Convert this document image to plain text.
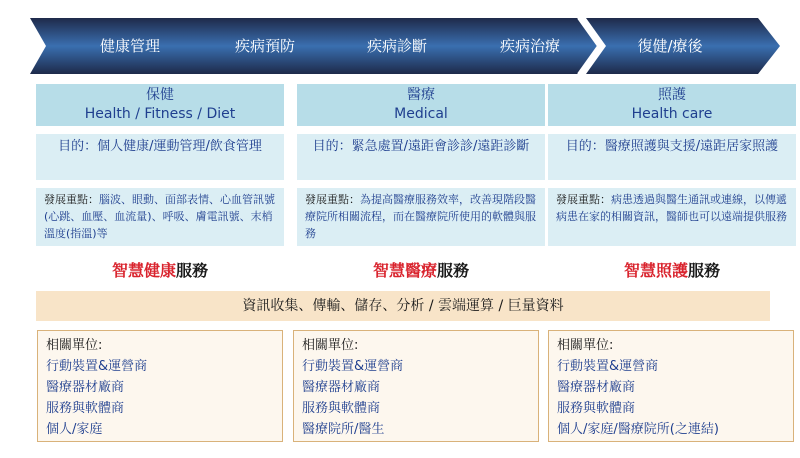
健康管理	疾病預防	疾病診斷	疾病治療	復健/療後
保健
Health / Fitness / Diet
目的：個人健康/運動管理/飲食管理
發展重點：腦波、眼動、面部表情、心血管訊號(心跳、血壓、血流量)、呼吸、膚電訊號、末梢溫度(指溫)等
智慧健康服務
醫療
Medical
目的：緊急處置/遠距會診診/遠距診斷
發展重點：為提高醫療服務效率，改善現階段醫療院所相關流程，而在醫療院所使用的軟體與服務
智慧醫療服務
照護
Health care
目的：醫療照護與支援/遠距居家照護
發展重點：病患透過與醫生通訊或連線，以傳遞病患在家的相關資訊，醫師也可以遠端提供服務
智慧照護服務
資訊收集、傳輸、儲存、分析 / 雲端運算 / 巨量資料
相關單位:
行動裝置&運營商
醫療器材廠商
服務與軟體商
個人/家庭
相關單位:
行動裝置&運營商
醫療器材廠商
服務與軟體商
醫療院所/醫生
相關單位:
行動裝置&運營商
醫療器材廠商
服務與軟體商
個人/家庭/醫療院所(之連結)
